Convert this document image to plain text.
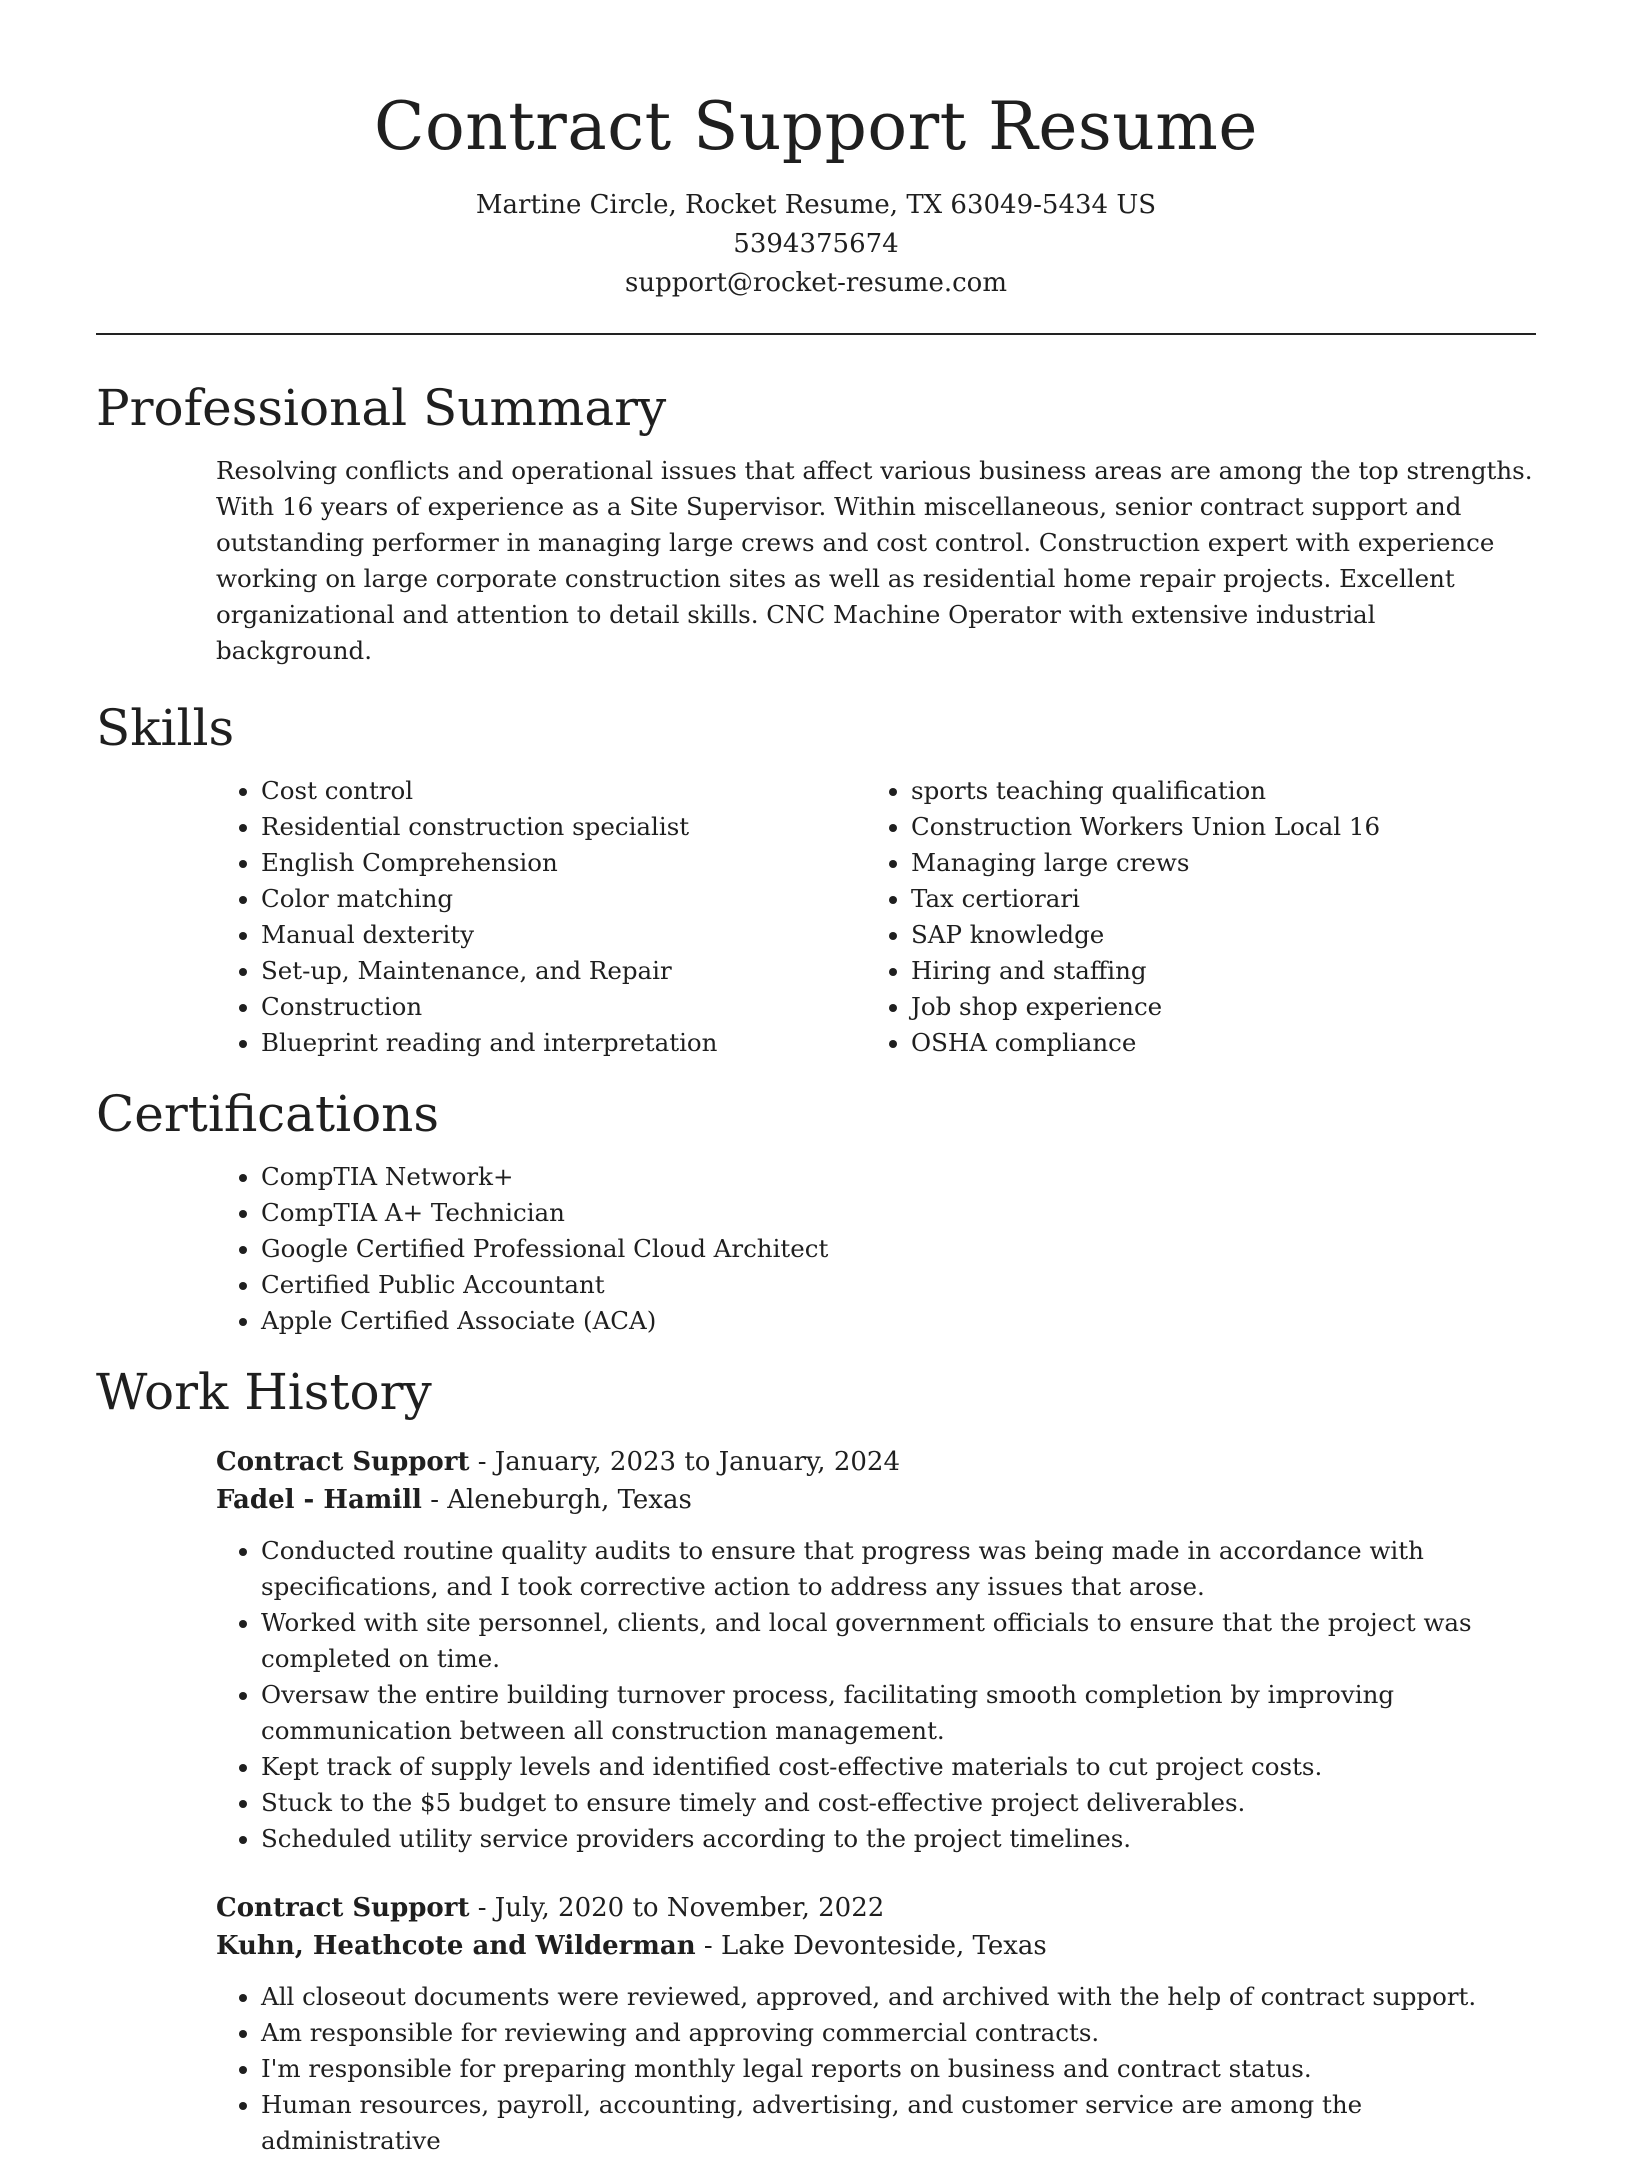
Contract Support Resume
Martine Circle, Rocket Resume, TX 63049-5434 US
5394375674
support@rocket-resume.com
Professional Summary
Resolving conflicts and operational issues that affect various business areas are among the top strengths. With 16 years of experience as a Site Supervisor. Within miscellaneous, senior contract support and outstanding performer in managing large crews and cost control. Construction expert with experience working on large corporate construction sites as well as residential home repair projects. Excellent organizational and attention to detail skills. CNC Machine Operator with extensive industrial background.
Skills
• Cost control
• Residential construction specialist
• English Comprehension
• Color matching
• Manual dexterity
• Set-up, Maintenance, and Repair
• Construction
• Blueprint reading and interpretation
• sports teaching qualification
• Construction Workers Union Local 16
• Managing large crews
• Tax certiorari
• SAP knowledge
• Hiring and staffing
• Job shop experience
• OSHA compliance
Certifications
• CompTIA Network+
• CompTIA A+ Technician
• Google Certified Professional Cloud Architect
• Certified Public Accountant
• Apple Certified Associate (ACA)
Work History
Contract Support - January, 2023 to January, 2024
Fadel - Hamill - Aleneburgh, Texas
• Conducted routine quality audits to ensure that progress was being made in accordance with specifications, and I took corrective action to address any issues that arose.
• Worked with site personnel, clients, and local government officials to ensure that the project was completed on time.
• Oversaw the entire building turnover process, facilitating smooth completion by improving communication between all construction management.
• Kept track of supply levels and identified cost-effective materials to cut project costs.
• Stuck to the $5 budget to ensure timely and cost-effective project deliverables.
• Scheduled utility service providers according to the project timelines.
Contract Support - July, 2020 to November, 2022
Kuhn, Heathcote and Wilderman - Lake Devonteside, Texas
• All closeout documents were reviewed, approved, and archived with the help of contract support.
• Am responsible for reviewing and approving commercial contracts.
• I'm responsible for preparing monthly legal reports on business and contract status.
• Human resources, payroll, accounting, advertising, and customer service are among the administrative
